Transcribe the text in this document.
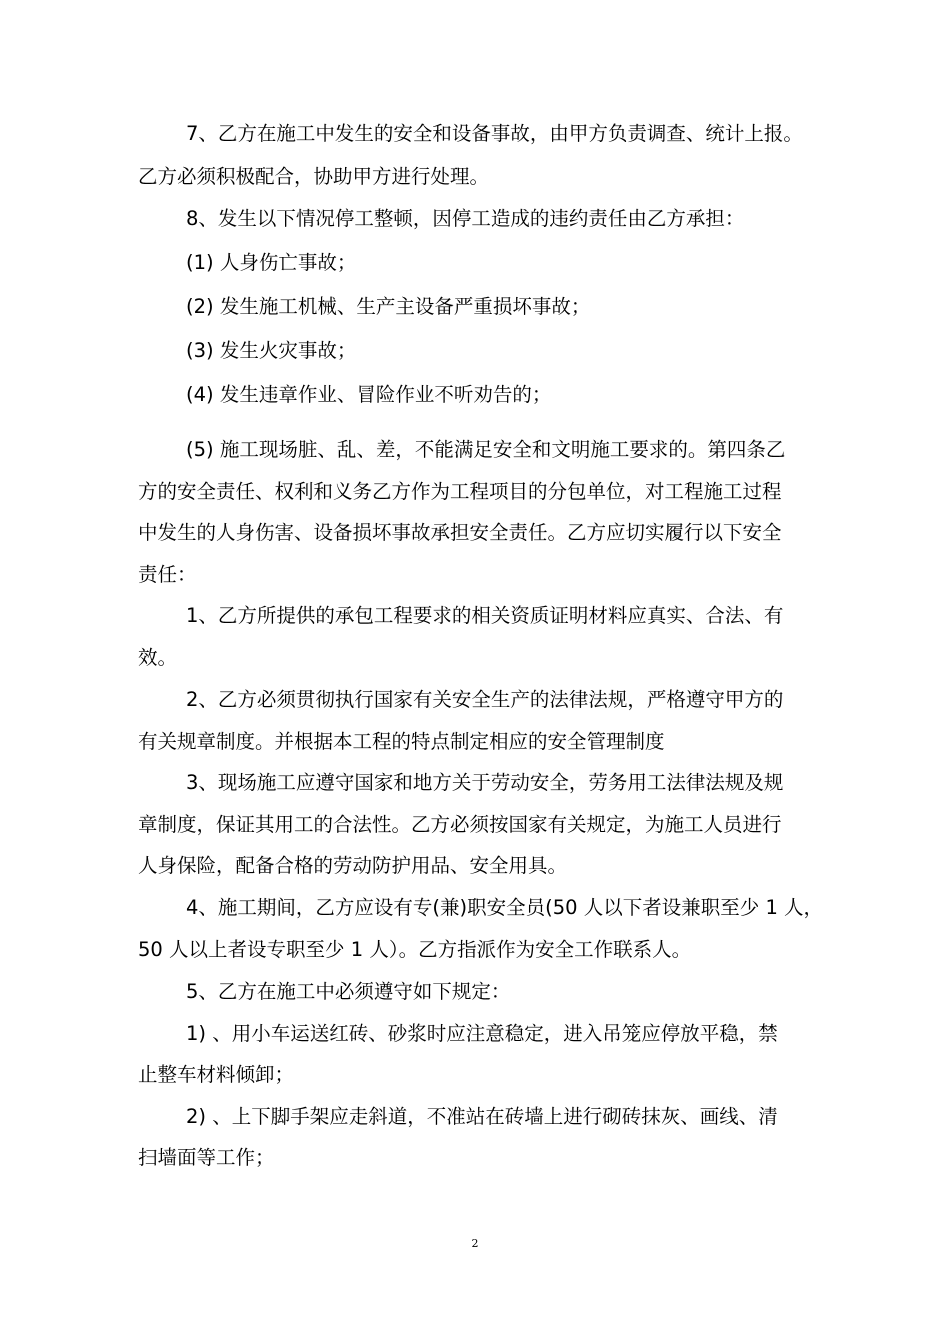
7、乙方在施工中发生的安全和设备事故，由甲方负责调查、统计上报。
乙方必须积极配合，协助甲方进行处理。
8、发生以下情况停工整顿，因停工造成的违约责任由乙方承担：
(1) 人身伤亡事故；
(2) 发生施工机械、生产主设备严重损坏事故；
(3) 发生火灾事故；
(4) 发生违章作业、冒险作业不听劝告的；
(5) 施工现场脏、乱、差，不能满足安全和文明施工要求的。第四条乙
方的安全责任、权利和义务乙方作为工程项目的分包单位，对工程施工过程
中发生的人身伤害、设备损坏事故承担安全责任。乙方应切实履行以下安全
责任：
1、乙方所提供的承包工程要求的相关资质证明材料应真实、合法、有
效。
2、乙方必须贯彻执行国家有关安全生产的法律法规，严格遵守甲方的
有关规章制度。并根据本工程的特点制定相应的安全管理制度
3、现场施工应遵守国家和地方关于劳动安全，劳务用工法律法规及规
章制度，保证其用工的合法性。乙方必须按国家有关规定，为施工人员进行
人身保险，配备合格的劳动防护用品、安全用具。
4、施工期间，乙方应设有专(兼)职安全员(50 人以下者设兼职至少 1 人，
50 人以上者设专职至少 1 人）。乙方指派作为安全工作联系人。
5、乙方在施工中必须遵守如下规定：
1) 、用小车运送红砖、砂浆时应注意稳定，进入吊笼应停放平稳，禁
止整车材料倾卸；
2) 、上下脚手架应走斜道，不准站在砖墙上进行砌砖抹灰、画线、清
扫墙面等工作；
2
